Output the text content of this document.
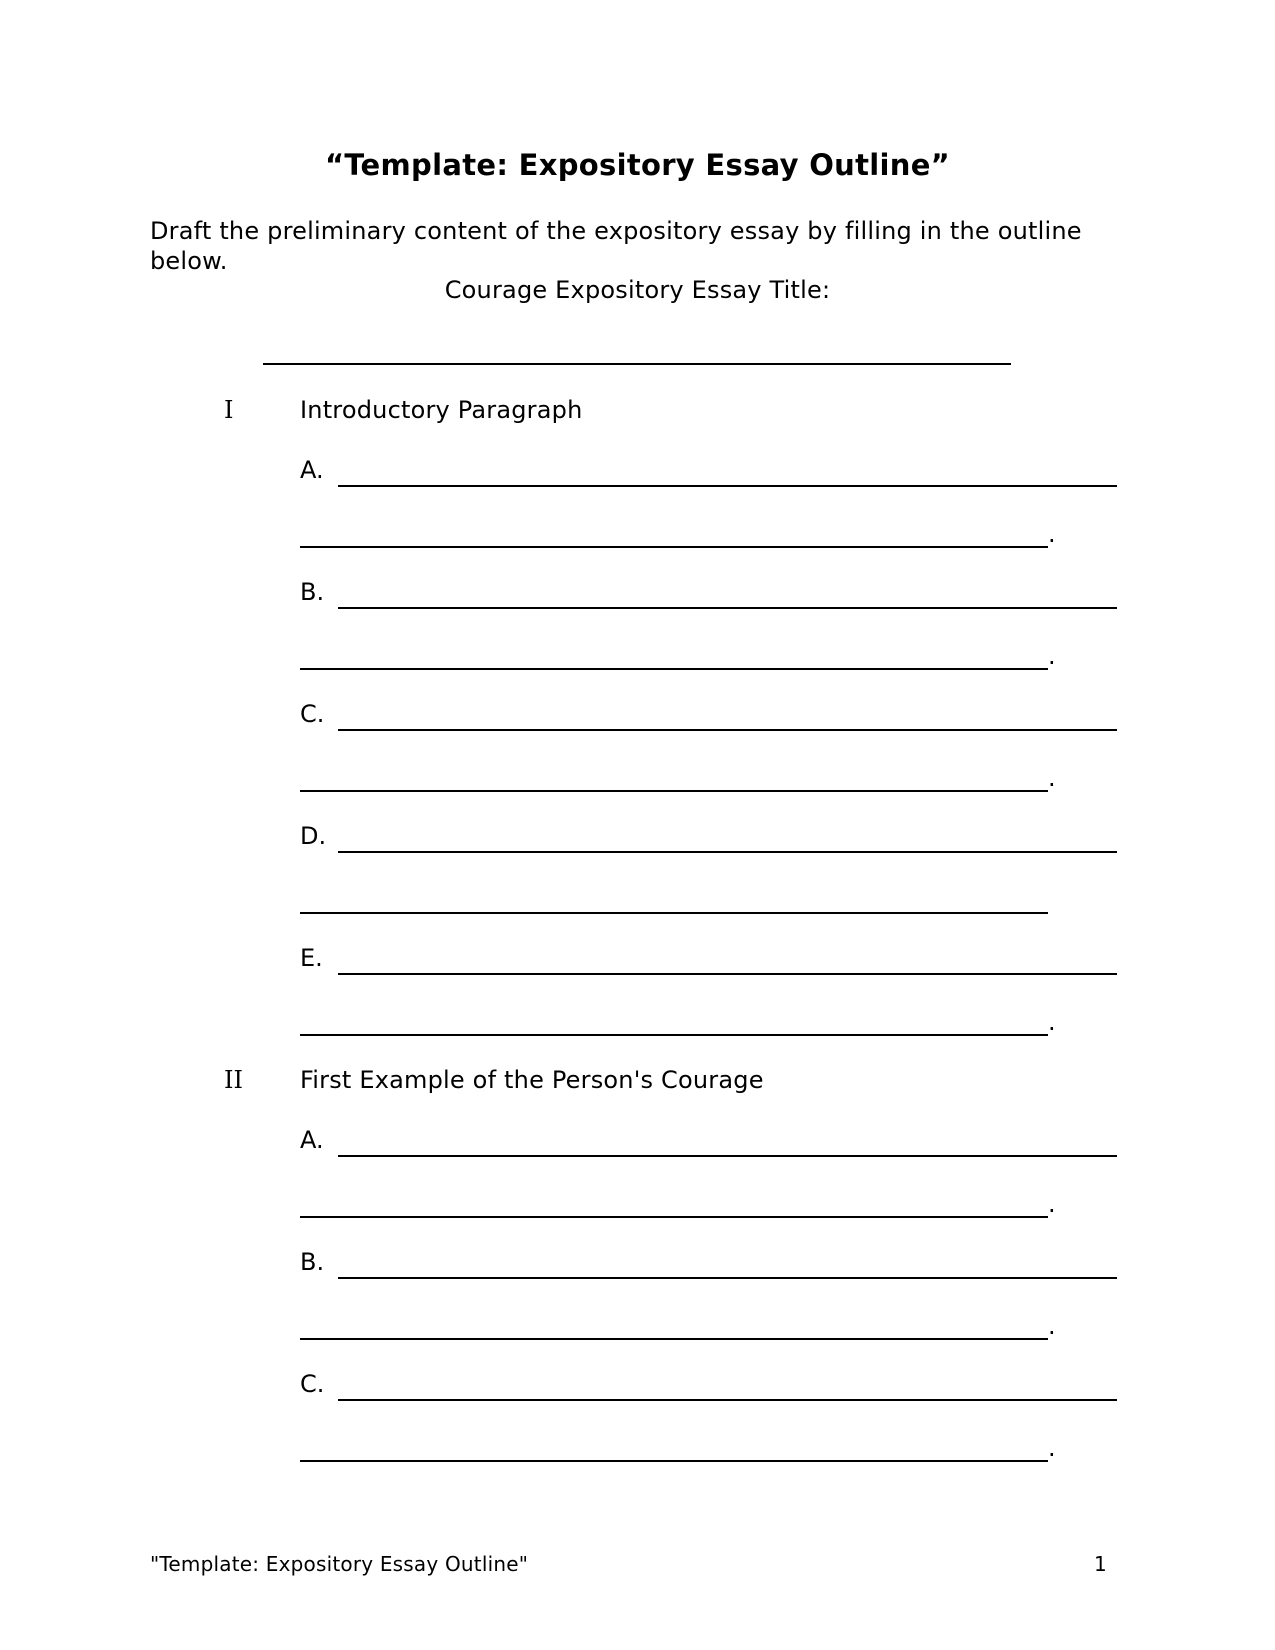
“Template: Expository Essay Outline”
Draft the preliminary content of the expository essay by filling in the outline below.
Courage Expository Essay Title:
I	Introductory Paragraph
A.
.
B.
.
C.
.
D.
E.
.
II First Example of the Person's Courage
A.
.
B.
.
C.
.
"Template: Expository Essay Outline"	1
